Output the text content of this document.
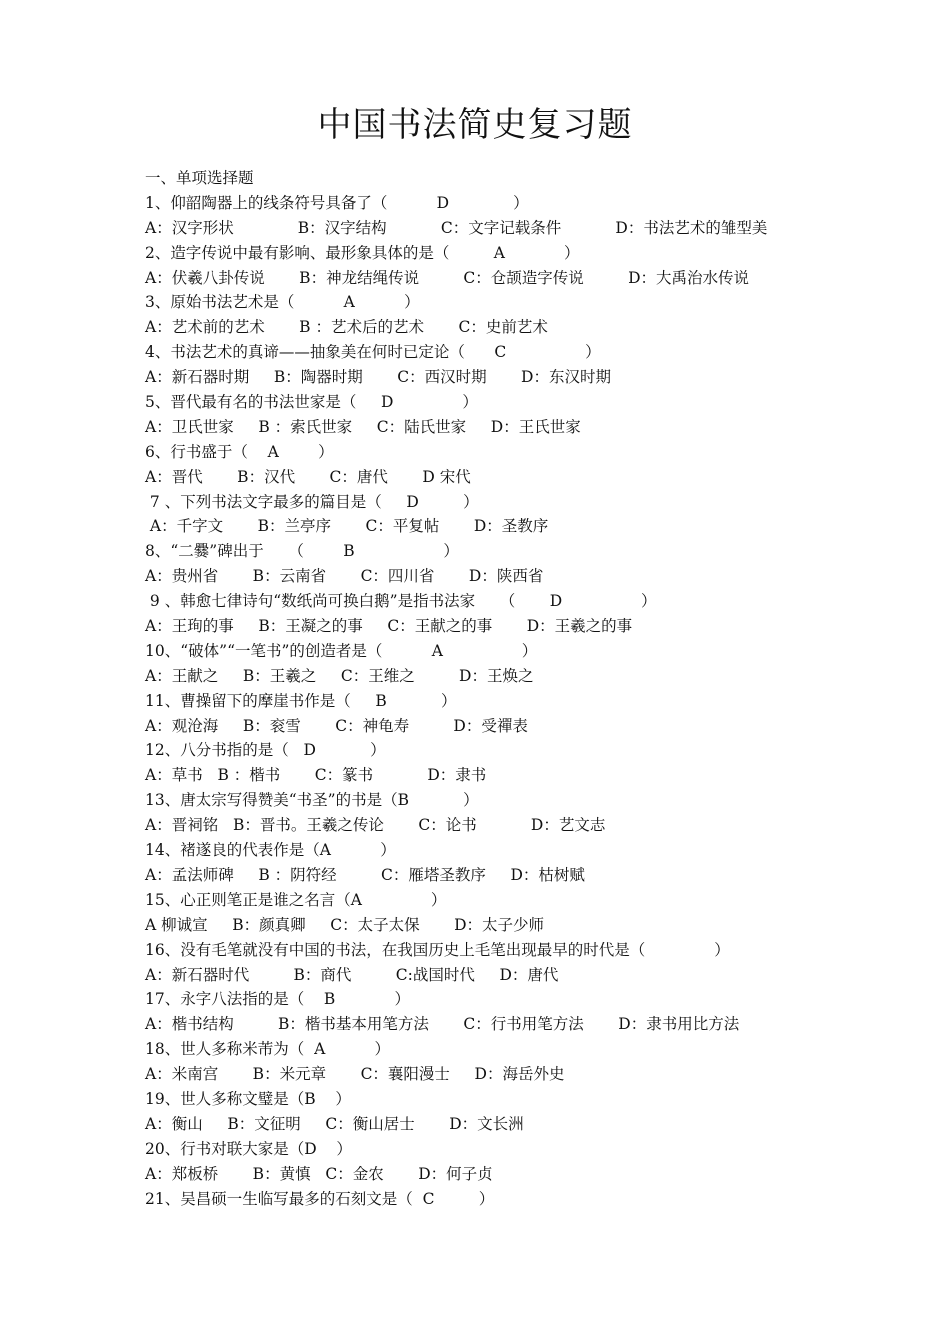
中国书法简史复习题
一、单项选择题
1、仰韶陶器上的线条符号具备了（          D             ）
A：汉字形状             B：汉字结构           C：文字记载条件           D：书法艺术的雏型美
2、造字传说中最有影响、最形象具体的是（         A            ）
A：伏羲八卦传说       B：神龙结绳传说         C：仓颉造字传说         D：大禹治水传说
3、原始书法艺术是（          A          ）
A：艺术前的艺术       B ：艺术后的艺术       C：史前艺术
4、书法艺术的真谛——抽象美在何时已定论（      C                ）
A：新石器时期     B：陶器时期       C：西汉时期       D：东汉时期
5、晋代最有名的书法世家是（     D              ）
A：卫氏世家     B ：索氏世家     C：陆氏世家     D：王氏世家
6、行书盛于（    A        ）
A：晋代       B：汉代       C：唐代       D 宋代
7 、下列书法文字最多的篇目是（     D         ）
A：千字文       B：兰亭序       C：平复帖       D：圣教序
8、“二爨”碑出于     （        B                  ）
A：贵州省       B：云南省       C：四川省       D：陕西省
9 、韩愈七律诗句“数纸尚可换白鹅”是指书法家     （       D                ）
A：王珣的事     B：王凝之的事     C：王献之的事       D：王羲之的事
10、“破体”“一笔书”的创造者是（          A                ）
A：王献之     B：王羲之     C：王维之         D：王焕之
11、曹操留下的摩崖书作是（     B           ）
A：观沧海     B：衮雪       C：神龟寿         D：受禪表
12、八分书指的是（   D           ）
A：草书   B ：楷书       C：篆书           D：隶书
13、唐太宗写得赞美“书圣”的书是（B           ）
A：晋祠铭   B：晋书。王羲之传论       C：论书           D：艺文志
14、褚遂良的代表作是（A          ）
A：孟法师碑     B ：阴符经         C：雁塔圣教序     D：枯树赋
15、心正则笔正是谁之名言（A              ）
A 柳诚宣     B：颜真卿     C：太子太保       D：太子少师
16、没有毛笔就没有中国的书法，在我国历史上毛笔出现最早的时代是（              ）
A：新石器时代         B：商代         C:战国时代     D：唐代
17、永字八法指的是（    B            ）
A：楷书结构         B：楷书基本用笔方法       C：行书用笔方法       D：隶书用比方法
18、世人多称米芾为（  A          ）
A：米南宫       B：米元章       C：襄阳漫士     D：海岳外史
19、世人多称文璧是（B    ）
A：衡山     B：文征明     C：衡山居士       D：文长洲
20、行书对联大家是（D    ）
A：郑板桥       B：黄慎   C：金农       D：何子贞
21、吴昌硕一生临写最多的石刻文是（  C         ）
